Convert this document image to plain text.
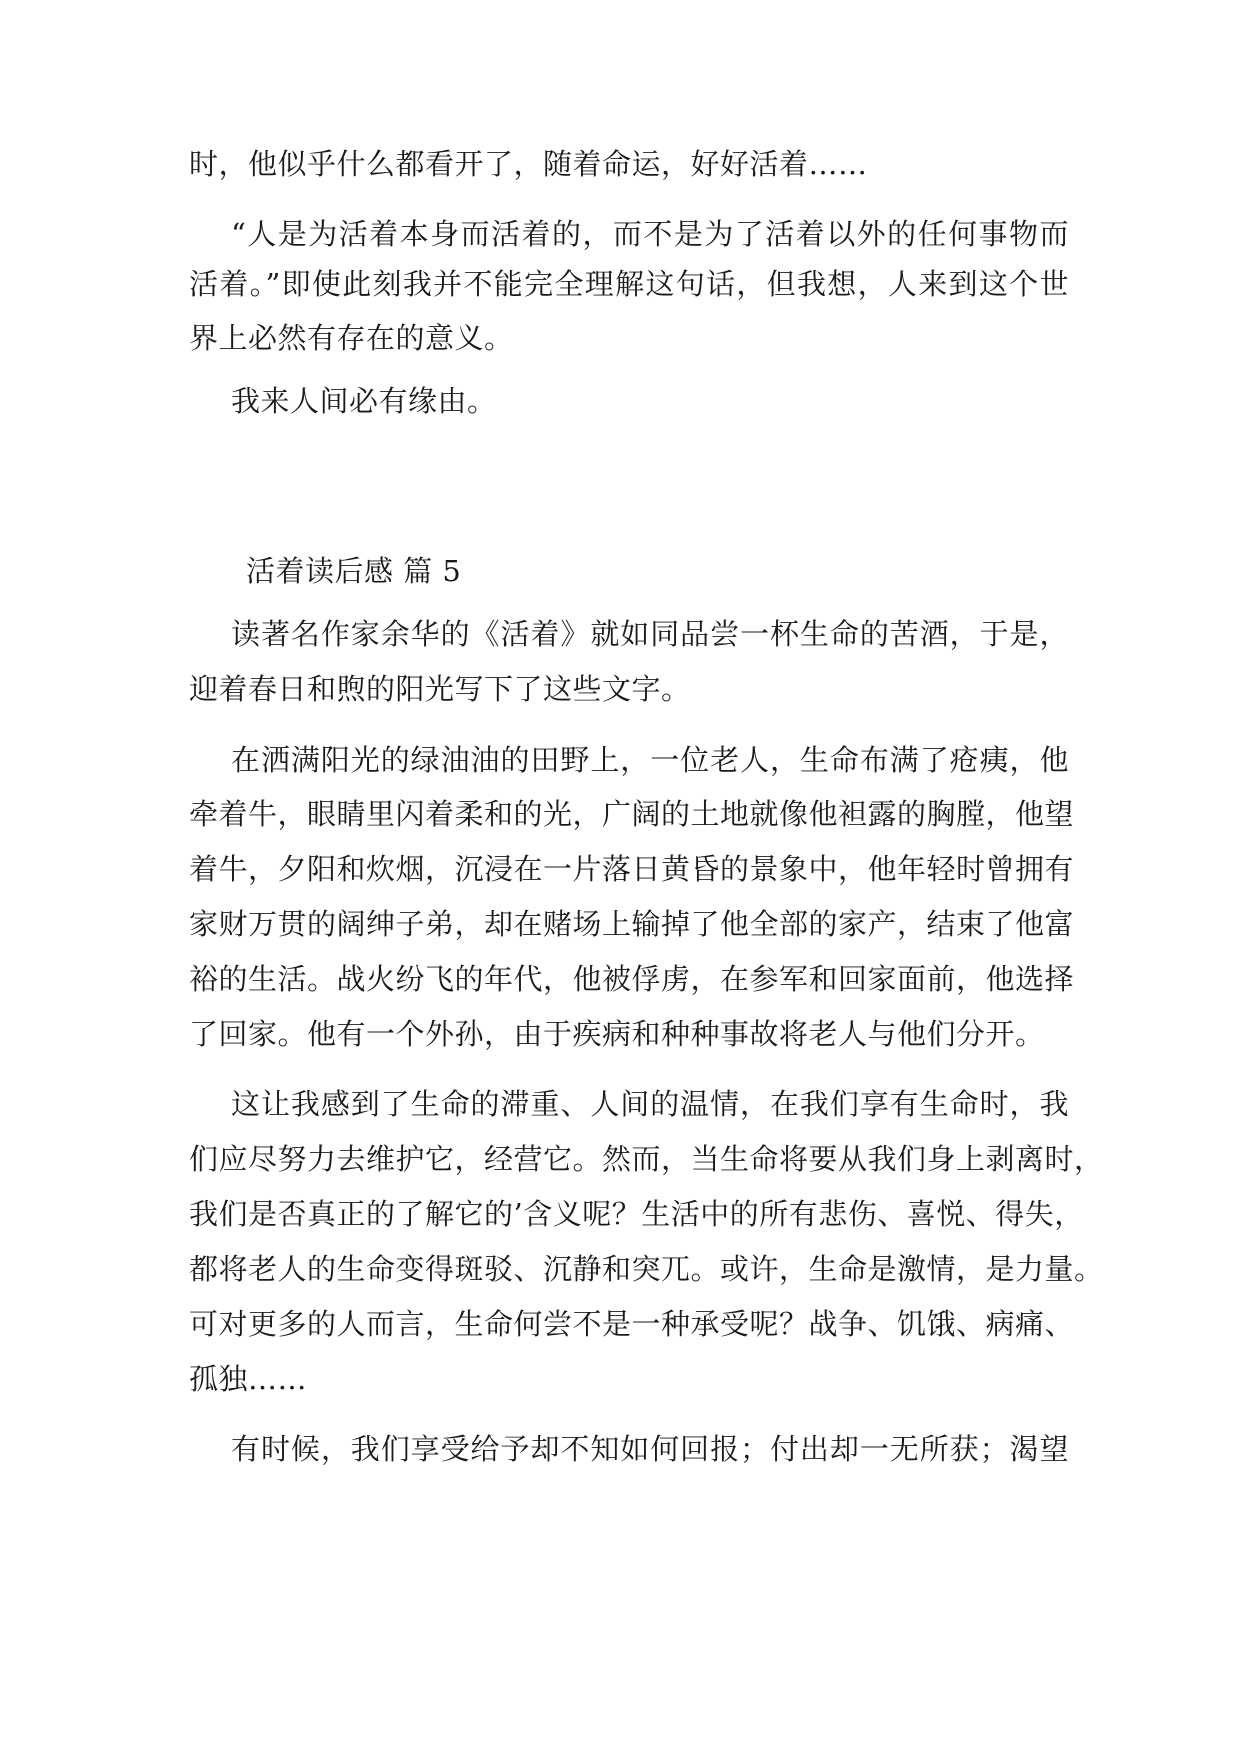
时，他似乎什么都看开了，随着命运，好好活着……
“人是为活着本身而活着的，而不是为了活着以外的任何事物而
活着。”即使此刻我并不能完全理解这句话，但我想，人来到这个世
界上必然有存在的意义。
我来人间必有缘由。
活着读后感 篇 5
读著名作家余华的《活着》就如同品尝一杯生命的苦酒，于是，
迎着春日和煦的阳光写下了这些文字。
在洒满阳光的绿油油的田野上，一位老人，生命布满了疮痍，他
牵着牛，眼睛里闪着柔和的光，广阔的土地就像他袒露的胸膛，他望
着牛，夕阳和炊烟，沉浸在一片落日黄昏的景象中，他年轻时曾拥有
家财万贯的阔绅子弟，却在赌场上输掉了他全部的家产，结束了他富
裕的生活。战火纷飞的年代，他被俘虏，在参军和回家面前，他选择
了回家。他有一个外孙，由于疾病和种种事故将老人与他们分开。
这让我感到了生命的滞重、人间的温情，在我们享有生命时，我
们应尽努力去维护它，经营它。然而，当生命将要从我们身上剥离时，
我们是否真正的了解它的’含义呢？生活中的所有悲伤、喜悦、得失，
都将老人的生命变得斑驳、沉静和突兀。或许，生命是激情，是力量。
可对更多的人而言，生命何尝不是一种承受呢？战争、饥饿、病痛、
孤独……
有时候，我们享受给予却不知如何回报；付出却一无所获；渴望
